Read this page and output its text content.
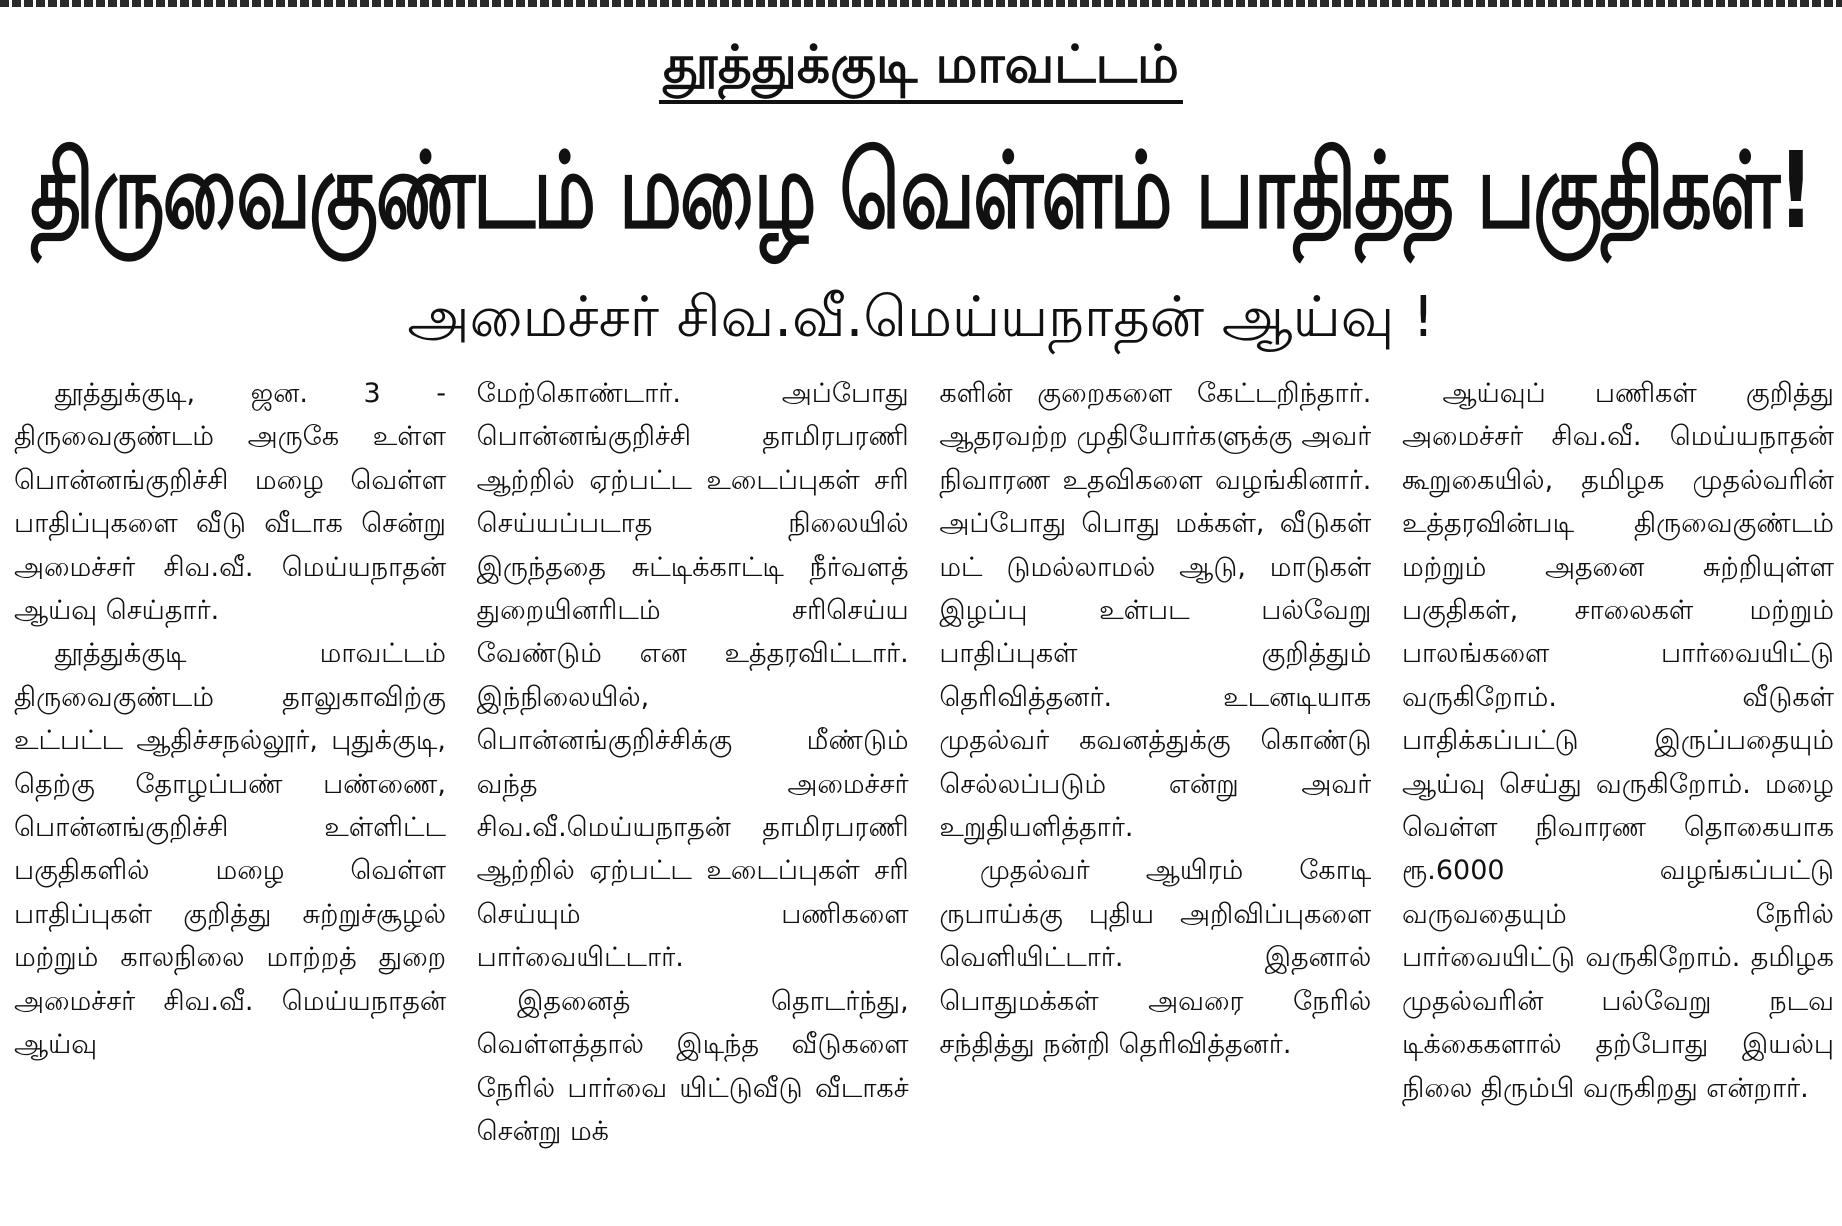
தூத்துக்குடி மாவட்டம்
திருவைகுண்டம் மழை வெள்ளம் பாதித்த பகுதிகள்!
அமைச்சர் சிவ.வீ.மெய்யநாதன் ஆய்வு !

தூத்துக்குடி, ஜன. 3 - திருவைகுண்டம் அருகே உள்ள பொன்னங்குறிச்சி மழை வெள்ள பாதிப்புகளை வீடு வீடாக சென்று அமைச்சர் சிவ.வீ. மெய்யநாதன் ஆய்வு செய்தார்.

தூத்துக்குடி மாவட்டம் திருவைகுண்டம் தாலுகாவிற்கு உட்பட்ட ஆதிச்சநல்லூர், புதுக்குடி, தெற்கு தோழப்பண் பண்ணை, பொன்னங்குறிச்சி உள்ளிட்ட பகுதிகளில் மழை வெள்ள பாதிப்புகள் குறித்து சுற்றுச்சூழல் மற்றும் காலநிலை மாற்றத் துறை அமைச்சர் சிவ.வீ. மெய்யநாதன் ஆய்வு

மேற்கொண்டார். அப்போது பொன்னங்குறிச்சி தாமிரபரணி ஆற்றில் ஏற்பட்ட உடைப்புகள் சரி செய்யப்படாத நிலையில் இருந்ததை சுட்டிக்காட்டி நீர்வளத் துறையினரிடம் சரிசெய்ய வேண்டும் என உத்தரவிட்டார். இந்நிலையில், பொன்னங்குறிச்சிக்கு மீண்டும் வந்த அமைச்சர் சிவ.வீ.மெய்யநாதன் தாமிரபரணி ஆற்றில் ஏற்பட்ட உடைப்புகள் சரி செய்யும் பணிகளை பார்வையிட்டார்.

இதனைத் தொடர்ந்து, வெள்ளத்தால் இடிந்த வீடுகளை நேரில் பார்வை யிட்டுவீடு வீடாகச் சென்று மக்

களின் குறைகளை கேட்டறிந்தார். ஆதரவற்ற முதியோர்களுக்கு அவர் நிவாரண உதவிகளை வழங்கினார். அப்போது பொது மக்கள், வீடுகள் மட் டுமல்லாமல் ஆடு, மாடுகள் இழப்பு உள்பட பல்வேறு பாதிப்புகள் குறித்தும் தெரிவித்தனர். உடனடியாக முதல்வர் கவனத்துக்கு கொண்டு செல்லப்படும் என்று அவர் உறுதியளித்தார்.

முதல்வர் ஆயிரம் கோடி ருபாய்க்கு புதிய அறிவிப்புகளை வெளியிட்டார். இதனால் பொதுமக்கள் அவரை நேரில் சந்தித்து நன்றி தெரிவித்தனர்.

ஆய்வுப் பணிகள் குறித்து அமைச்சர் சிவ.வீ. மெய்யநாதன் கூறுகையில், தமிழக முதல்வரின் உத்தரவின்படி திருவைகுண்டம் மற்றும் அதனை சுற்றியுள்ள பகுதிகள், சாலைகள் மற்றும் பாலங்களை பார்வையிட்டு வருகிறோம். வீடுகள் பாதிக்கப்பட்டு இருப்பதையும் ஆய்வு செய்து வருகிறோம். மழை வெள்ள நிவாரண தொகையாக ரூ.6000 வழங்கப்பட்டு வருவதையும் நேரில் பார்வையிட்டு வருகிறோம். தமிழக முதல்வரின் பல்வேறு நடவ டிக்கைகளால் தற்போது இயல்பு நிலை திரும்பி வருகிறது என்றார்.
